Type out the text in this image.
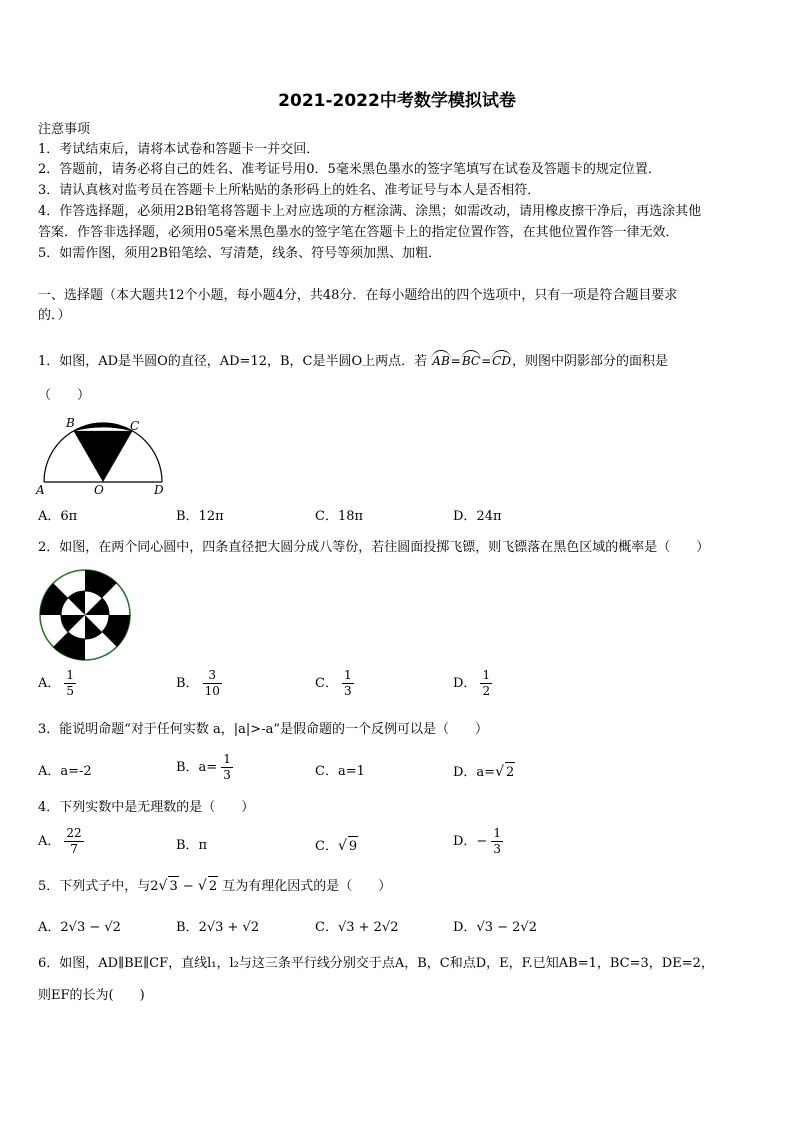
2021-2022中考数学模拟试卷
注意事项
1．考试结束后，请将本试卷和答题卡一并交回．
2．答题前，请务必将自己的姓名、准考证号用0．5毫米黑色墨水的签字笔填写在试卷及答题卡的规定位置．
3．请认真核对监考员在答题卡上所粘贴的条形码上的姓名、准考证号与本人是否相符．
4．作答选择题，必须用2B铅笔将答题卡上对应选项的方框涂满、涂黑；如需改动，请用橡皮擦干净后，再选涂其他
答案．作答非选择题，必须用05毫米黑色墨水的签字笔在答题卡上的指定位置作答，在其他位置作答一律无效．
5．如需作图，须用2B铅笔绘、写清楚，线条、符号等须加黑、加粗．
一、选择题（本大题共12个小题，每小题4分，共48分．在每小题给出的四个选项中，只有一项是符合题目要求
的．）
1．如图，AD是半圆O的直径，AD=12，B，C是半圆O上两点．若 AB=BC=CD，则图中阴影部分的面积是
（　　）
A
B	C
D
O
A．6π	B．12π	C．18π	D．24π
2．如图，在两个同心圆中，四条直径把大圆分成八等份，若往圆面投掷飞镖，则飞镖落在黑色区域的概率是（　　）
A． $\frac{1}{5}$	B． $\frac{3}{10}$	C． $\frac{1}{3}$	D． $\frac{1}{2}$
3．能说明命题“对于任何实数 a，|a|>-a”是假命题的一个反例可以是（　　）
A．a=-2	B．$a= \frac{1}{3}$	C．a=1	D．a=√ 2
4．下列实数中是无理数的是（　　）
A． $\frac{22}{7}$	B．π	C．√ 9	D．− $\frac{1}{3}$
5．下列式子中，与2√ 3 − √ 2 互为有理化因式的是（　　）
A．2√3 − √2	B．2√3 + √2	C．√3 + 2√2	D．√3 − 2√2
6．如图，AD∥BE∥CF，直线l₁，l₂与这三条平行线分别交于点A，B，C和点D，E，F.已知AB=1，BC=3，DE=2，
则EF的长为(　　)
